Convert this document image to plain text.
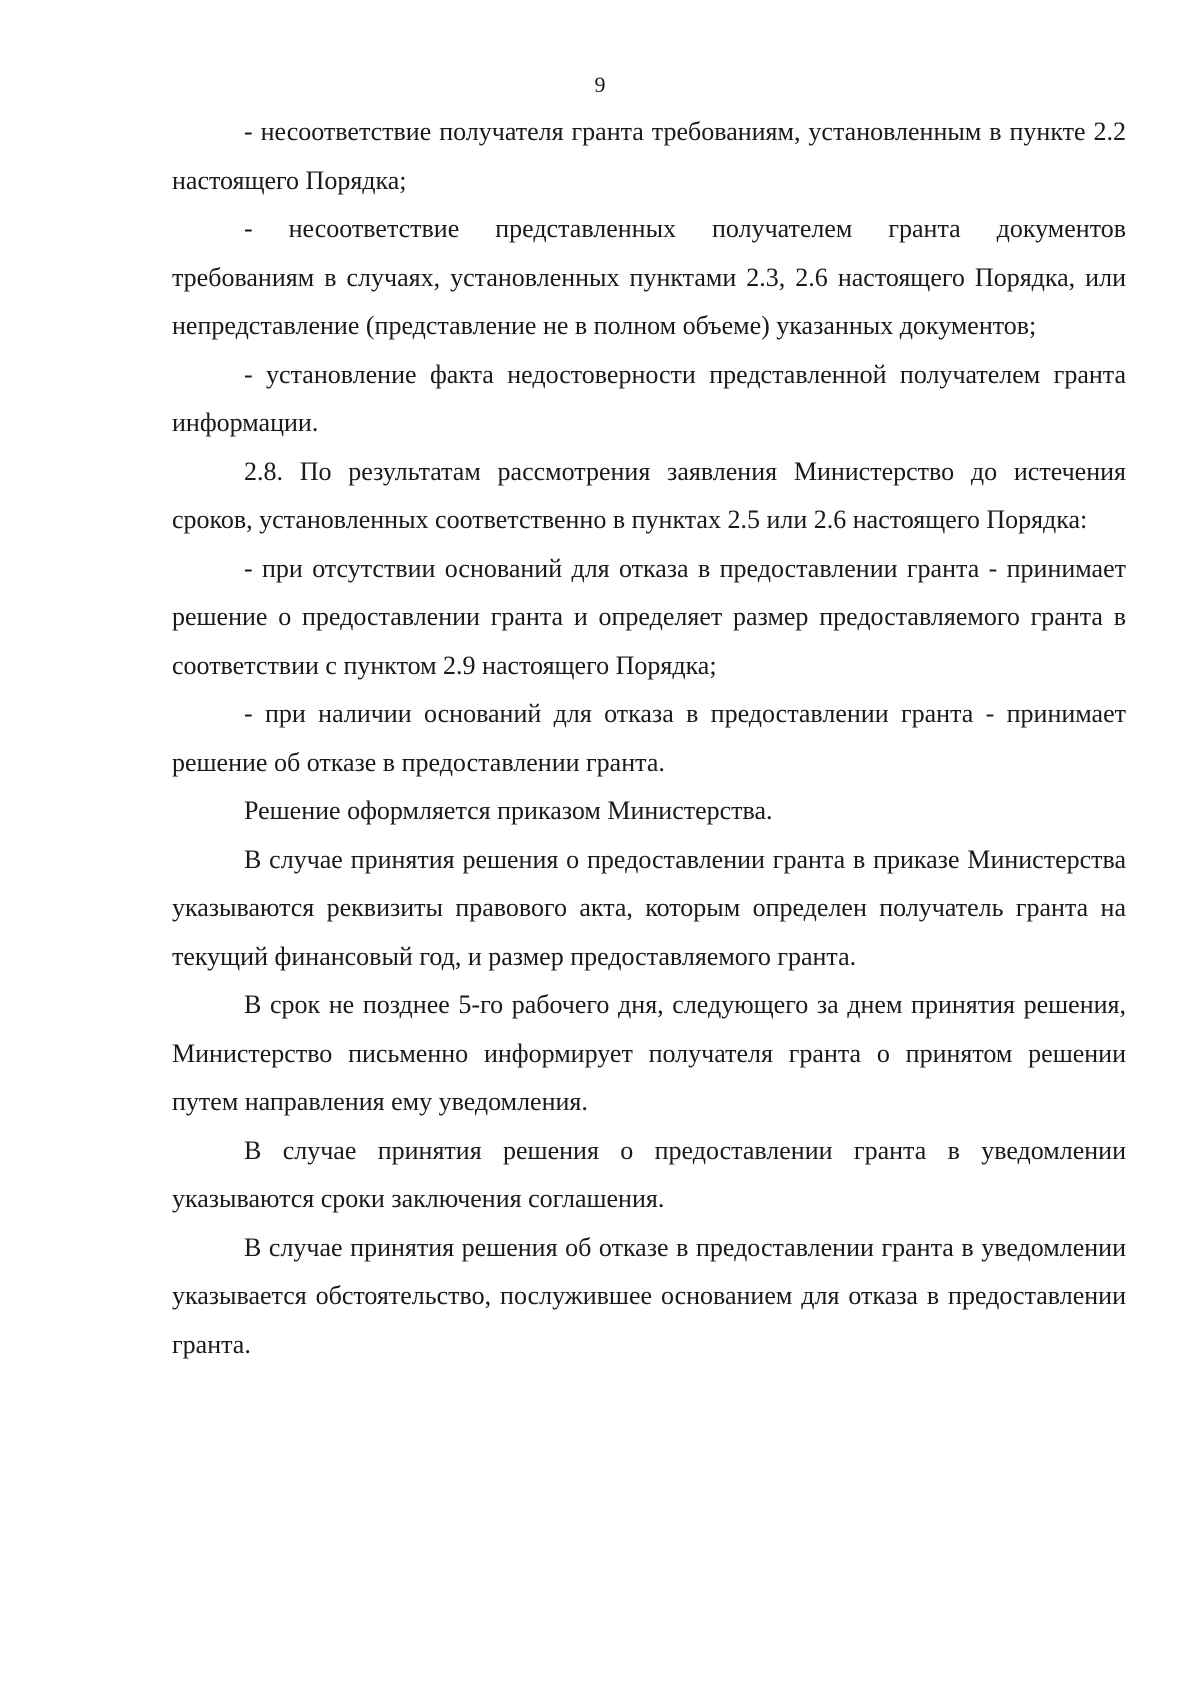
9

- несоответствие получателя гранта требованиям, установленным в пункте 2.2 настоящего Порядка;

- несоответствие представленных получателем гранта документов требованиям в случаях, установленных пунктами 2.3, 2.6 настоящего Порядка, или непредставление (представление не в полном объеме) указанных документов;

- установление факта недостоверности представленной получателем гранта информации.

2.8. По результатам рассмотрения заявления Министерство до истечения сроков, установленных соответственно в пунктах 2.5 или 2.6 настоящего Порядка:

- при отсутствии оснований для отказа в предоставлении гранта - принимает решение о предоставлении гранта и определяет размер предоставляемого гранта в соответствии с пунктом 2.9 настоящего Порядка;

- при наличии оснований для отказа в предоставлении гранта - принимает решение об отказе в предоставлении гранта.

Решение оформляется приказом Министерства.

В случае принятия решения о предоставлении гранта в приказе Министерства указываются реквизиты правового акта, которым определен получатель гранта на текущий финансовый год, и размер предоставляемого гранта.

В срок не позднее 5-го рабочего дня, следующего за днем принятия решения, Министерство письменно информирует получателя гранта о принятом решении путем направления ему уведомления.

В случае принятия решения о предоставлении гранта в уведомлении указываются сроки заключения соглашения.

В случае принятия решения об отказе в предоставлении гранта в уведомлении указывается обстоятельство, послужившее основанием для отказа в предоставлении гранта.
